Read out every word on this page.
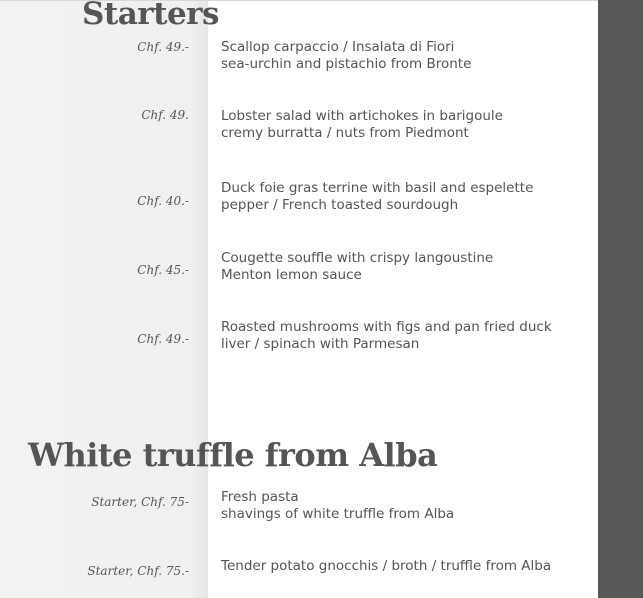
Starters
Chf. 49.- Scallop carpaccio / Insalata di Fiori
sea-urchin and pistachio from Bronte
Chf. 49. Lobster salad with artichokes in barigoule
cremy burratta / nuts from Piedmont
Chf. 40.-
Duck foie gras terrine with basil and espelette
pepper / French toasted sourdough
Chf. 45.-
Cougette souffle with crispy langoustine
Menton lemon sauce
Chf. 49.-
Roasted mushrooms with figs and pan fried duck
liver / spinach with Parmesan
White truffle from Alba
Starter, Chf. 75- Fresh pasta
shavings of white truffle from Alba
Starter, Chf. 75.- Tender potato gnocchis / broth / truffle from Alba
